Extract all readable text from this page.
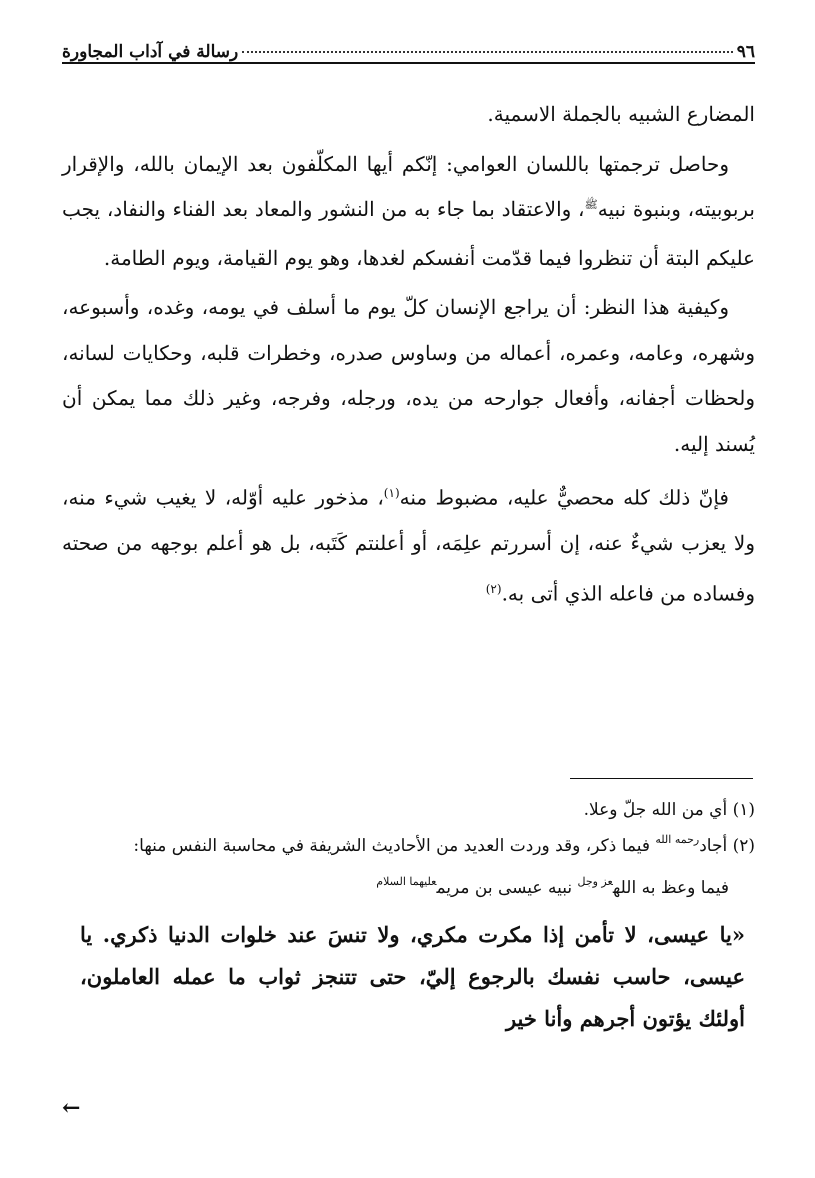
٩٦
رسالة في آداب المجاورة

المضارع الشبيه بالجملة الاسمية.

وحاصل ترجمتها باللسان العوامي: إنّكم أيها المكلّفون بعد الإيمان بالله، والإقرار بربوبيته، وبنبوة نبيه$^ﷺ$، والاعتقاد بما جاء به من النشور والمعاد بعد الفناء والنفاد، يجب عليكم البتة أن تنظروا فيما قدّمت أنفسكم لغدها، وهو يوم القيامة، ويوم الطامة.

وكيفية هذا النظر: أن يراجع الإنسان كلّ يوم ما أسلف في يومه، وغده، وأسبوعه، وشهره، وعامه، وعمره، أعماله من وساوس صدره، وخطرات قلبه، وحكايات لسانه، ولحظات أجفانه، وأفعال جوارحه من يده، ورجله، وفرجه، وغير ذلك مما يمكن أن يُسند إليه.

فإنّ ذلك كله محصيٌّ عليه، مضبوط منه$^{(١)}$، مذخور عليه أوّله، لا يغيب شيء منه، ولا يعزب شيءٌ عنه، إن أسررتم علِمَه، أو أعلنتم كَتَبه، بل هو أعلم بوجهه من صحته وفساده من فاعله الذي أتى به.$^{(٢)}$

(١) أي من الله جلّ وعلا.

(٢) أجاد$^{رحمه الله}$ فيما ذكر، وقد وردت العديد من الأحاديث الشريفة في محاسبة النفس منها:

فيما وعظ به الله$^{عز وجل}$ نبيه عيسى بن مريم$^{عليهما السلام}$

«يا عيسى، لا تأمن إذا مكرت مكري، ولا تنسَ عند خلوات الدنيا ذكري. يا عيسى، حاسب نفسك بالرجوع إليّ، حتى تتنجز ثواب ما عمله العاملون، أولئك يؤتون أجرهم وأنا خير

←
